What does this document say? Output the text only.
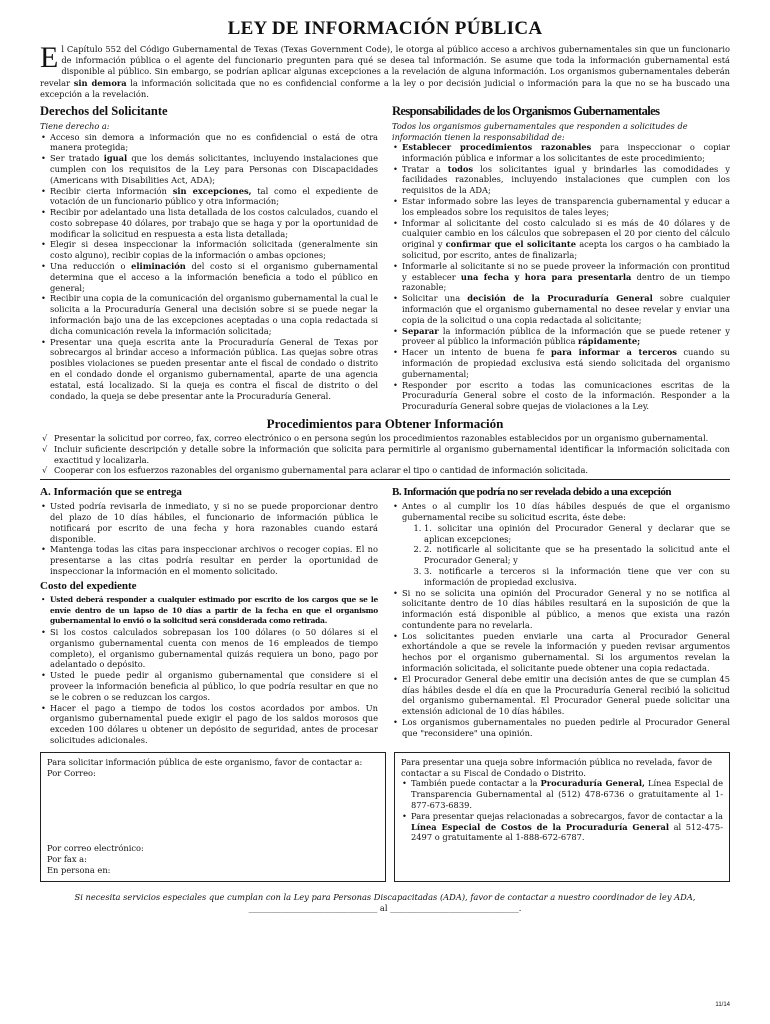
LEY DE INFORMACIÓN PÚBLICA
El Capítulo 552 del Código Gubernamental de Texas (Texas Government Code), le otorga al público acceso a archivos gubernamentales sin que un funcionario de información pública o el agente del funcionario pregunten para qué se desea tal información. Se asume que toda la información gubernamental está disponible al público. Sin embargo, se podrían aplicar algunas excepciones a la revelación de alguna información. Los organismos gubernamentales deberán revelar sin demora la información solicitada que no es confidencial conforme a la ley o por decisión judicial o información para la que no se ha buscado una excepción a la revelación.
Derechos del Solicitante

Tiene derecho a:

• Acceso sin demora a información que no es confidencial o está de otra manera protegida;
• Ser tratado igual que los demás solicitantes, incluyendo instalaciones que cumplen con los requisitos de la Ley para Personas con Discapacidades (Americans with Disabilities Act, ADA);
• Recibir cierta información sin excepciones, tal como el expediente de votación de un funcionario público y otra información;
• Recibir por adelantado una lista detallada de los costos calculados, cuando el costo sobrepase 40 dólares, por trabajo que se haga y por la oportunidad de modificar la solicitud en respuesta a esta lista detallada;
• Elegir si desea inspeccionar la información solicitada (generalmente sin costo alguno), recibir copias de la información o ambas opciones;
• Una reducción o eliminación del costo si el organismo gubernamental determina que el acceso a la información beneficia a todo el público en general;
• Recibir una copia de la comunicación del organismo gubernamental la cual le solicita a la Procuraduría General una decisión sobre si se puede negar la información bajo una de las excepciones aceptadas o una copia redactada si dicha comunicación revela la información solicitada;
• Presentar una queja escrita ante la Procuraduría General de Texas por sobrecargos al brindar acceso a información pública. Las quejas sobre otras posibles violaciones se pueden presentar ante el fiscal de condado o distrito en el condado donde el organismo gubernamental, aparte de una agencia estatal, está localizado. Si la queja es contra el fiscal de distrito o del condado, la queja se debe presentar ante la Procuraduría General.
Responsabilidades de los Organismos Gubernamentales

Todos los organismos gubernamentales que responden a solicitudes de información tienen la responsabilidad de:

• Establecer procedimientos razonables para inspeccionar o copiar información pública e informar a los solicitantes de este procedimiento;
• Tratar a todos los solicitantes igual y brindarles las comodidades y facilidades razonables, incluyendo instalaciones que cumplen con los requisitos de la ADA;
• Estar informado sobre las leyes de transparencia gubernamental y educar a los empleados sobre los requisitos de tales leyes;
• Informar al solicitante del costo calculado si es más de 40 dólares y de cualquier cambio en los cálculos que sobrepasen el 20 por ciento del cálculo original y confirmar que el solicitante acepta los cargos o ha cambiado la solicitud, por escrito, antes de finalizarla;
• Informarle al solicitante si no se puede proveer la información con prontitud y establecer una fecha y hora para presentarla dentro de un tiempo razonable;
• Solicitar una decisión de la Procuraduría General sobre cualquier información que el organismo gubernamental no desee revelar y enviar una copia de la solicitud o una copia redactada al solicitante;
• Separar la información pública de la información que se puede retener y proveer al público la información pública rápidamente;
• Hacer un intento de buena fe para informar a terceros cuando su información de propiedad exclusiva está siendo solicitada del organismo gubernamental;
• Responder por escrito a todas las comunicaciones escritas de la Procuraduría General sobre el costo de la información. Responder a la Procuraduría General sobre quejas de violaciones a la Ley.
Procedimientos para Obtener Información
√ Presentar la solicitud por correo, fax, correo electrónico o en persona según los procedimientos razonables establecidos por un organismo gubernamental.
√ Incluir suficiente descripción y detalle sobre la información que solicita para permitirle al organismo gubernamental identificar la información solicitada con exactitud y localizarla.
√ Cooperar con los esfuerzos razonables del organismo gubernamental para aclarar el tipo o cantidad de información solicitada.
A. Información que se entrega
• Usted podría revisarla de inmediato, y si no se puede proporcionar dentro del plazo de 10 días hábiles, el funcionario de información pública le notificará por escrito de una fecha y hora razonables cuando estará disponible.
• Mantenga todas las citas para inspeccionar archivos o recoger copias. El no presentarse a las citas podría resultar en perder la oportunidad de inspeccionar la información en el momento solicitado.
Costo del expediente
• Usted deberá responder a cualquier estimado por escrito de los cargos que se le envíe dentro de un lapso de 10 días a partir de la fecha en que el organismo gubernamental lo envió o la solicitud será considerada como retirada.
• Si los costos calculados sobrepasan los 100 dólares (o 50 dólares si el organismo gubernamental cuenta con menos de 16 empleados de tiempo completo), el organismo gubernamental quizás requiera un bono, pago por adelantado o depósito.
• Usted le puede pedir al organismo gubernamental que considere si el proveer la información beneficia al público, lo que podría resultar en que no se le cobren o se reduzcan los cargos.
• Hacer el pago a tiempo de todos los costos acordados por ambos. Un organismo gubernamental puede exigir el pago de los saldos morosos que exceden 100 dólares u obtener un depósito de seguridad, antes de procesar solicitudes adicionales.
B. Información que podría no ser revelada debido a una excepción
• Antes o al cumplir los 10 días hábiles después de que el organismo gubernamental recibe su solicitud escrita, éste debe:
1. 1. solicitar una opinión del Procurador General y declarar que se aplican excepciones;
2. 2. notificarle al solicitante que se ha presentado la solicitud ante el Procurador General; y
3. 3. notificarle a terceros si la información tiene que ver con su información de propiedad exclusiva.
• Si no se solicita una opinión del Procurador General y no se notifica al solicitante dentro de 10 días hábiles resultará en la suposición de que la información está disponible al público, a menos que exista una razón contundente para no revelarla.
• Los solicitantes pueden enviarle una carta al Procurador General exhortándole a que se revele la información y pueden revisar argumentos hechos por el organismo gubernamental. Si los argumentos revelan la información solicitada, el solicitante puede obtener una copia redactada.
• El Procurador General debe emitir una decisión antes de que se cumplan 45 días hábiles desde el día en que la Procuraduría General recibió la solicitud del organismo gubernamental. El Procurador General puede solicitar una extensión adicional de 10 días hábiles.
• Los organismos gubernamentales no pueden pedirle al Procurador General que "reconsidere" una opinión.

Para solicitar información pública de este organismo, favor de contactar a:

Por Correo:

Por correo electrónico:

Por fax a:

En persona en:

Para presentar una queja sobre información pública no revelada, favor de contactar a su Fiscal de Condado o Distrito.

• También puede contactar a la Procuraduría General, Línea Especial de Transparencia Gubernamental al (512) 478-6736 o gratuitamente al 1-877-673-6839.
• Para presentar quejas relacionadas a sobrecargos, favor de contactar a la Línea Especial de Costos de la Procuraduría General al 512-475-2497 o gratuitamente al 1-888-672-6787.
Si necesita servicios especiales que cumplan con la Ley para Personas Discapacitadas (ADA), favor de contactar a nuestro coordinador de ley ADA,
_______________________________ al _______________________________.
11/14
